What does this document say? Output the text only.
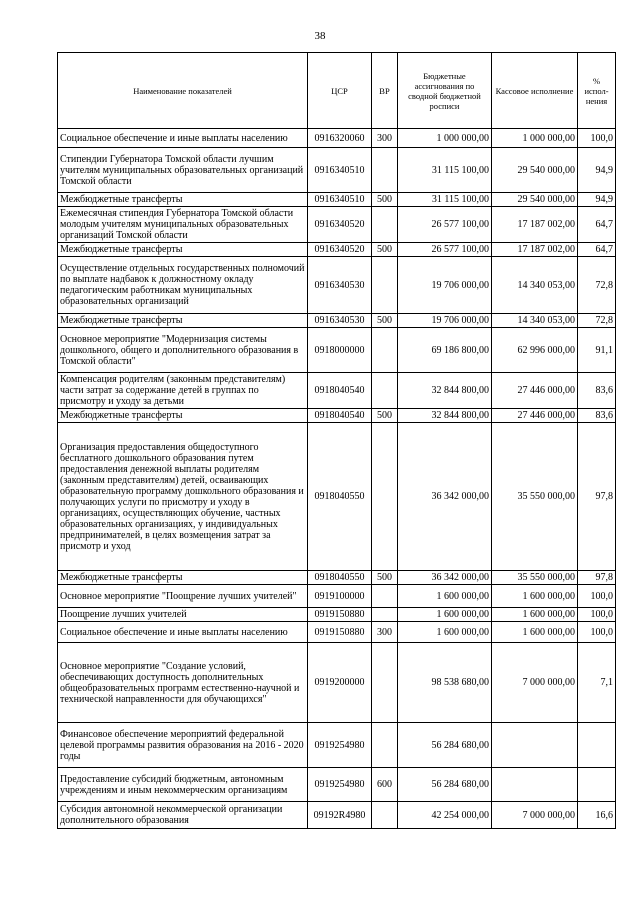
38
Наименование показателей	ЦСР	ВР	Бюджетные ассигнования по сводной бюджетной росписи	Кассовое исполнение	% испол-нения
Социальное обеспечение и иные выплаты населению	0916320060	300	1 000 000,00	1 000 000,00	100,0
Стипендии Губернатора Томской области лучшим учителям муниципальных образовательных организаций Томской области	0916340510		31 115 100,00	29 540 000,00	94,9
Межбюджетные трансферты	0916340510	500	31 115 100,00	29 540 000,00	94,9
Ежемесячная стипендия Губернатора Томской области молодым учителям муниципальных образовательных организаций Томской области	0916340520		26 577 100,00	17 187 002,00	64,7
Межбюджетные трансферты	0916340520	500	26 577 100,00	17 187 002,00	64,7
Осуществление отдельных государственных полномочий по выплате надбавок к должностному окладу педагогическим работникам муниципальных образовательных организаций	0916340530		19 706 000,00	14 340 053,00	72,8
Межбюджетные трансферты	0916340530	500	19 706 000,00	14 340 053,00	72,8
Основное мероприятие "Модернизация системы дошкольного, общего и дополнительного образования в Томской области"	0918000000		69 186 800,00	62 996 000,00	91,1
Компенсация родителям (законным представителям) части затрат за содержание детей в группах по присмотру и уходу за детьми	0918040540		32 844 800,00	27 446 000,00	83,6
Межбюджетные трансферты	0918040540	500	32 844 800,00	27 446 000,00	83,6
Организация предоставления общедоступного бесплатного дошкольного образования путем предоставления денежной выплаты родителям (законным представителям) детей, осваивающих образовательную программу дошкольного образования и получающих услуги по присмотру и уходу в организациях, осуществляющих обучение, частных образовательных организациях, у индивидуальных предпринимателей, в целях возмещения затрат за присмотр и уход	0918040550		36 342 000,00	35 550 000,00	97,8
Межбюджетные трансферты	0918040550	500	36 342 000,00	35 550 000,00	97,8
Основное мероприятие "Поощрение лучших учителей"	0919100000		1 600 000,00	1 600 000,00	100,0
Поощрение лучших учителей	0919150880		1 600 000,00	1 600 000,00	100,0
Социальное обеспечение и иные выплаты населению	0919150880	300	1 600 000,00	1 600 000,00	100,0
Основное мероприятие "Создание условий, обеспечивающих доступность дополнительных общеобразовательных программ естественно-научной и технической направленности для обучающихся"	0919200000		98 538 680,00	7 000 000,00	7,1
Финансовое обеспечение мероприятий федеральной целевой программы развития образования на 2016 - 2020 годы	0919254980		56 284 680,00		
Предоставление субсидий бюджетным, автономным учреждениям и иным некоммерческим организациям	0919254980	600	56 284 680,00		
Субсидия автономной некоммерческой организации дополнительного образования	09192R4980		42 254 000,00	7 000 000,00	16,6
